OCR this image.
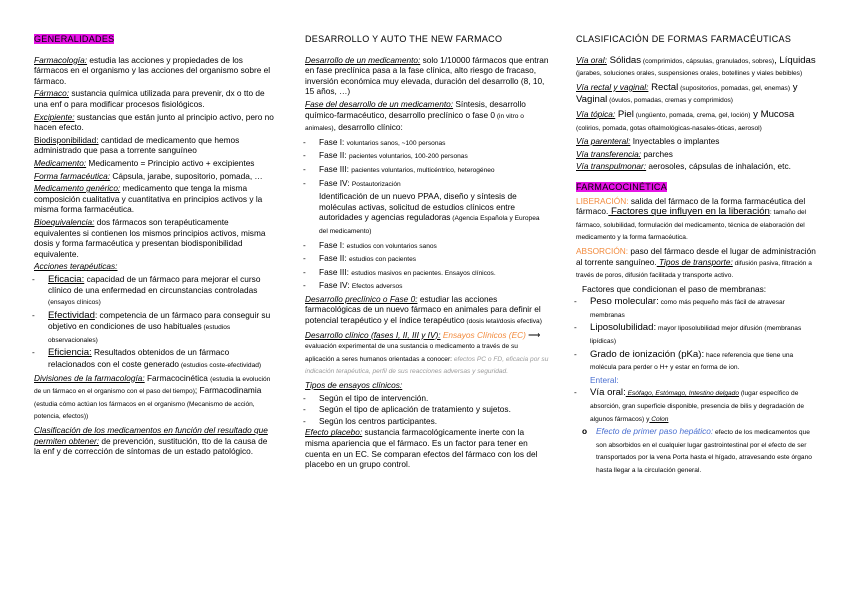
GENERALIDADES

Farmacología: estudia las acciones y propiedades de los fármacos en el organismo y las acciones del organismo sobre el fármaco.

Fármaco: sustancia química utilizada para prevenir, dx o tto de una enf o para modificar procesos fisiológicos.

Excipiente: sustancias que están junto al principio activo, pero no hacen efecto.

Biodisponibilidad: cantidad de medicamento que hemos administrado que pasa a torrente sanguíneo

Medicamento: Medicamento = Principio activo + excipientes

Forma farmacéutica: Cápsula, jarabe, supositorio, pomada, …

Medicamento genérico: medicamento que tenga la misma composición cualitativa y cuantitativa en principios activos y la misma forma farmacéutica.

Bioequivalencia: dos fármacos son terapéuticamente equivalentes si contienen los mismos principios activos, misma dosis y forma farmacéutica y presentan biodisponibilidad equivalente.

Acciones terapéuticas:

- Eficacia: capacidad de un fármaco para mejorar el curso clínico de una enfermedad en circunstancias controladas (ensayos clínicos)

- Efectividad: competencia de un fármaco para conseguir su objetivo en condiciones de uso habituales (estudios observacionales)

- Eficiencia: Resultados obtenidos de un fármaco relacionados con el coste generado (estudios coste-efectividad)

Divisiones de la farmacología: Farmacocinética (estudia la evolución de un fármaco en el organismo con el paso del tiempo); Farmacodinamia (estudia cómo actúan los fármacos en el organismo (Mecanismo de acción, potencia, efectos))

Clasificación de los medicamentos en función del resultado que permiten obtener: de prevención, sustitución, tto de la causa de la enf y de corrección de síntomas de un estado patológico.

DESARROLLO Y AUTO THE NEW FARMACO

Desarrollo de un medicamento: solo 1/10000 fármacos que entran en fase preclínica pasa a la fase clínica, alto riesgo de fracaso, inversión económica muy elevada, duración del desarrollo (8, 10, 15 años, …)

Fase del desarrollo de un medicamento: Síntesis, desarrollo químico-farmacéutico, desarrollo preclínico o fase 0 (in vitro o animales), desarrollo clínico:

- Fase I: voluntarios sanos, ~100 personas

- Fase II: pacientes voluntarios, 100-200 personas

- Fase III: pacientes voluntarios, multicéntrico, heterogéneo

- Fase IV: Postautorización

Identificación de un nuevo PPAA, diseño y síntesis de moléculas activas, solicitud de estudios clínicos entre autoridades y agencias reguladoras (Agencia Española y Europea del medicamento)

- Fase I: estudios con voluntarios sanos

- Fase II: estudios con pacientes

- Fase III: estudios masivos en pacientes. Ensayos clínicos.

- Fase IV: Efectos adversos

Desarrollo preclínico o Fase 0: estudiar las acciones farmacológicas de un nuevo fármaco en animales para definir el potencial terapéutico y el índice terapéutico (dosis letal/dosis efectiva)

Desarrollo clínico (fases I, II, III y IV): Ensayos Clínicos (EC) ⟶ evaluación experimental de una sustancia o medicamento a través de su aplicación a seres humanos orientadas a conocer: efectos PC o FD, eficacia por su indicación terapéutica, perfil de sus reacciones adversas y seguridad.

Tipos de ensayos clínicos:

- Según el tipo de intervención.

- Según el tipo de aplicación de tratamiento y sujetos.

- Según los centros participantes.

Efecto placebo: sustancia farmacológicamente inerte con la misma apariencia que el fármaco. Es un factor para tener en cuenta en un EC. Se comparan efectos del fármaco con los del placebo en un grupo control.

CLASIFICACIÓN DE FORMAS FARMACÉUTICAS

Vía oral: Sólidas (comprimidos, cápsulas, granulados, sobres), Líquidas (jarabes, soluciones orales, suspensiones orales, botellines y viales bebibles)

Vía rectal y vaginal: Rectal (supositorios, pomadas, gel, enemas) y Vaginal (óvulos, pomadas, cremas y comprimidos)

Vía tópica: Piel (ungüento, pomada, crema, gel, loción) y Mucosa (colirios, pomada, gotas oftalmológicas-nasales-óticas, aerosol)

Vía parenteral: Inyectables o implantes

Vía transferencia: parches

Vía transpulmonar: aerosoles, cápsulas de inhalación, etc.

FARMACOCINÉTICA

LIBERACIÓN: salida del fármaco de la forma farmacéutica del fármaco. Factores que influyen en la liberación: tamaño del fármaco, solubilidad, formulación del medicamento, técnica de elaboración del medicamento y la forma farmacéutica.

ABSORCIÓN: paso del fármaco desde el lugar de administración al torrente sanguíneo. Tipos de transporte: difusión pasiva, filtración a través de poros, difusión facilitada y transporte activo.

Factores que condicionan el paso de membranas:

- Peso molecular: como más pequeño más fácil de atravesar membranas

- Liposolubilidad: mayor liposolubilidad mejor difusión (membranas lipídicas)

- Grado de ionización (pKa): hace referencia que tiene una molécula para perder o H+ y estar en forma de ion.

Enteral:

- Vía oral: Esófago, Estómago, Intestino delgado (lugar específico de absorción, gran superficie disponible, presencia de bilis y degradación de algunos fármacos) y Colon

o Efecto de primer paso hepático: efecto de los medicamentos que son absorbidos en el cualquier lugar gastrointestinal por el efecto de ser transportados por la vena Porta hasta el hígado, atravesando este órgano hasta llegar a la circulación general.
